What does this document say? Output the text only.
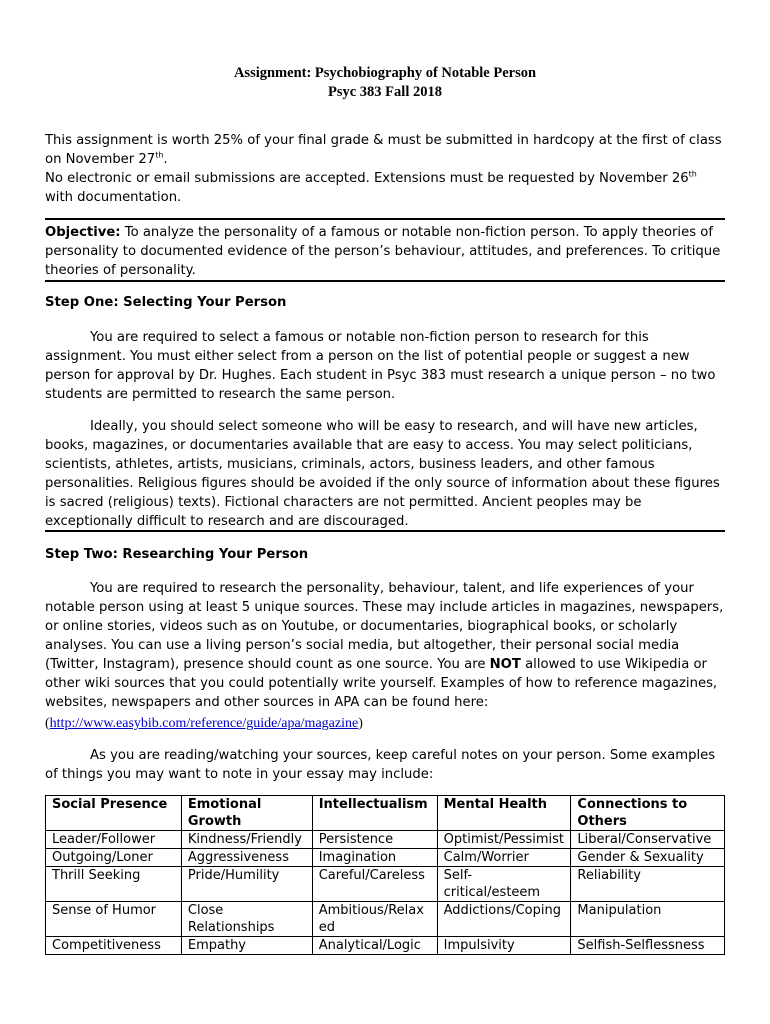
Assignment: Psychobiography of Notable Person
Psyc 383 Fall 2018

This assignment is worth 25% of your final grade & must be submitted in hardcopy at the first of class on November 27th.

No electronic or email submissions are accepted. Extensions must be requested by November 26th with documentation.

Objective: To analyze the personality of a famous or notable non-fiction person. To apply theories of personality to documented evidence of the person’s behaviour, attitudes, and preferences. To critique theories of personality.

Step One: Selecting Your Person

You are required to select a famous or notable non-fiction person to research for this assignment. You must either select from a person on the list of potential people or suggest a new person for approval by Dr. Hughes. Each student in Psyc 383 must research a unique person – no two students are permitted to research the same person.

Ideally, you should select someone who will be easy to research, and will have new articles, books, magazines, or documentaries available that are easy to access. You may select politicians, scientists, athletes, artists, musicians, criminals, actors, business leaders, and other famous personalities. Religious figures should be avoided if the only source of information about these figures is sacred (religious) texts). Fictional characters are not permitted. Ancient peoples may be exceptionally difficult to research and are discouraged.

Step Two: Researching Your Person

You are required to research the personality, behaviour, talent, and life experiences of your notable person using at least 5 unique sources. These may include articles in magazines, newspapers, or online stories, videos such as on Youtube, or documentaries, biographical books, or scholarly analyses. You can use a living person’s social media, but altogether, their personal social media (Twitter, Instagram), presence should count as one source. You are NOT allowed to use Wikipedia or other wiki sources that you could potentially write yourself. Examples of how to reference magazines, websites, newspapers and other sources in APA can be found here:

(http://www.easybib.com/reference/guide/apa/magazine)

As you are reading/watching your sources, keep careful notes on your person. Some examples of things you may want to note in your essay may include:

Social Presence	Emotional Growth	Intellectualism	Mental Health	Connections to Others
Leader/Follower	Kindness/Friendly	Persistence	Optimist/Pessimist	Liberal/Conservative
Outgoing/Loner	Aggressiveness	Imagination	Calm/Worrier	Gender & Sexuality
Thrill Seeking	Pride/Humility	Careful/Careless	Self-critical/esteem	Reliability
Sense of Humor	Close Relationships	Ambitious/Relaxed	Addictions/Coping	Manipulation
Competitiveness	Empathy	Analytical/Logic	Impulsivity	Selfish-Selflessness
